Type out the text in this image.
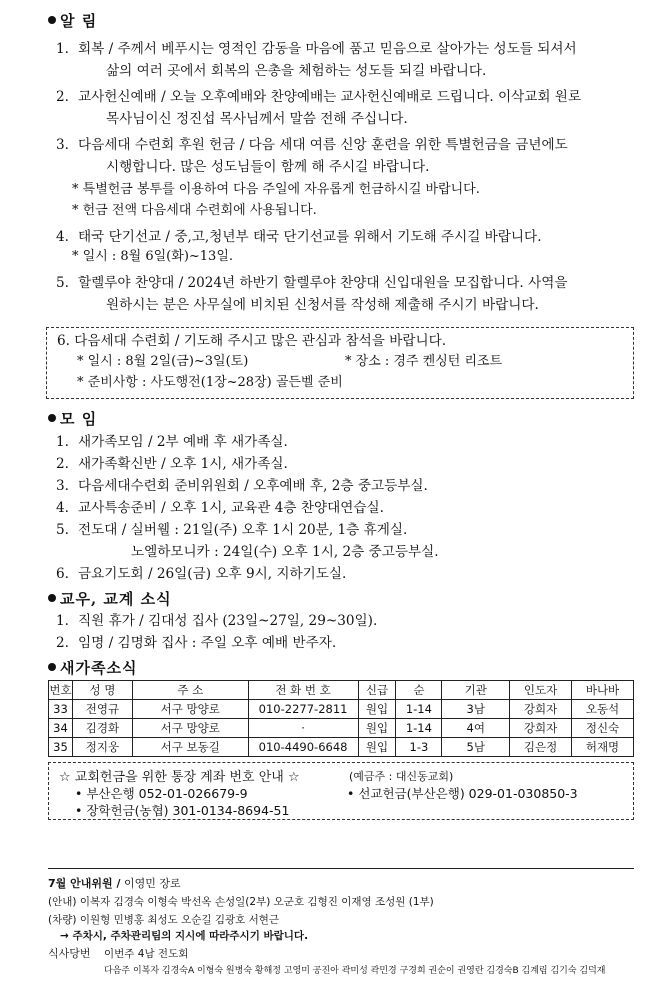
알 림
1. 회복 / 주께서 베푸시는 영적인 감동을 마음에 품고 믿음으로 살아가는 성도들 되셔서
삶의 여러 곳에서 회복의 은총을 체험하는 성도들 되길 바랍니다.
2. 교사헌신예배 / 오늘 오후예배와 찬양예배는 교사헌신예배로 드립니다. 이삭교회 원로
목사님이신 정진섭 목사님께서 말씀 전해 주십니다.
3. 다음세대 수련회 후원 헌금 / 다음 세대 여름 신앙 훈련을 위한 특별헌금을 금년에도
시행합니다. 많은 성도님들이 함께 해 주시길 바랍니다.
* 특별헌금 봉투를 이용하여 다음 주일에 자유롭게 헌금하시길 바랍니다.
* 헌금 전액 다음세대 수련회에 사용됩니다.
4. 태국 단기선교 / 중,고,청년부 태국 단기선교를 위해서 기도해 주시길 바랍니다.
* 일시 : 8월 6일(화)~13일.
5. 할렐루야 찬양대 / 2024년 하반기 할렐루야 찬양대 신입대원을 모집합니다. 사역을
원하시는 분은 사무실에 비치된 신청서를 작성해 제출해 주시기 바랍니다.
6. 다음세대 수련회 / 기도해 주시고 많은 관심과 참석을 바랍니다.
* 일시 : 8월 2일(금)~3일(토)	* 장소 : 경주 켄싱턴 리조트
* 준비사항 : 사도행전(1장~28장) 골든벨 준비
모 임
1. 새가족모임 / 2부 예배 후 새가족실.
2. 새가족확신반 / 오후 1시, 새가족실.
3. 다음세대수련회 준비위원회 / 오후예배 후, 2층 중고등부실.
4. 교사특송준비 / 오후 1시, 교육관 4층 찬양대연습실.
5. 전도대 / 실버웰 : 21일(주) 오후 1시 20분, 1층 휴게실.
노엘하모니카 : 24일(수) 오후 1시, 2층 중고등부실.
6. 금요기도회 / 26일(금) 오후 9시, 지하기도실.
교우, 교계 소식
1. 직원 휴가 / 김대성 집사 (23일~27일, 29~30일).
2. 임명 / 김명화 집사 : 주일 오후 예배 반주자.
새가족소식
번호	성 명	주 소	전 화 번 호	신급	순	기관	인도자	바나바
33	전영규	서구 망양로	010-2277-2811	원입	1-14	3남	강희자	오동석
34	김경화	서구 망양로	·	원입	1-14	4여	강희자	정신숙
35	정지웅	서구 보동길	010-4490-6648	원입	1-3	5남	김은정	허재명
☆ 교회헌금을 위한 통장 계좌 번호 안내 ☆	(예금주 : 대신동교회)
• 부산은행 052-01-026679-9	• 선교헌금(부산은행) 029-01-030850-3
• 장학헌금(농협) 301-0134-8694-51
7월 안내위원 / 이영민 장로
(안내) 이복자 김경숙 이형숙 박선옥 손성일(2부) 오군호 김형진 이재영 조성원 (1부)
(차량) 이원형 민병홍 최성도 오순길 김광호 서현근
→ 주차시, 주차관리팀의 지시에 따라주시기 바랍니다.
식사당번 이번주 4남 전도회
다음주 이복자 김경숙A 이형숙 원병숙 황해정 고영미 공진아 곽미성 곽민경 구경희 권순이 권영란 김경숙B 김계림 김기숙 김덕재
